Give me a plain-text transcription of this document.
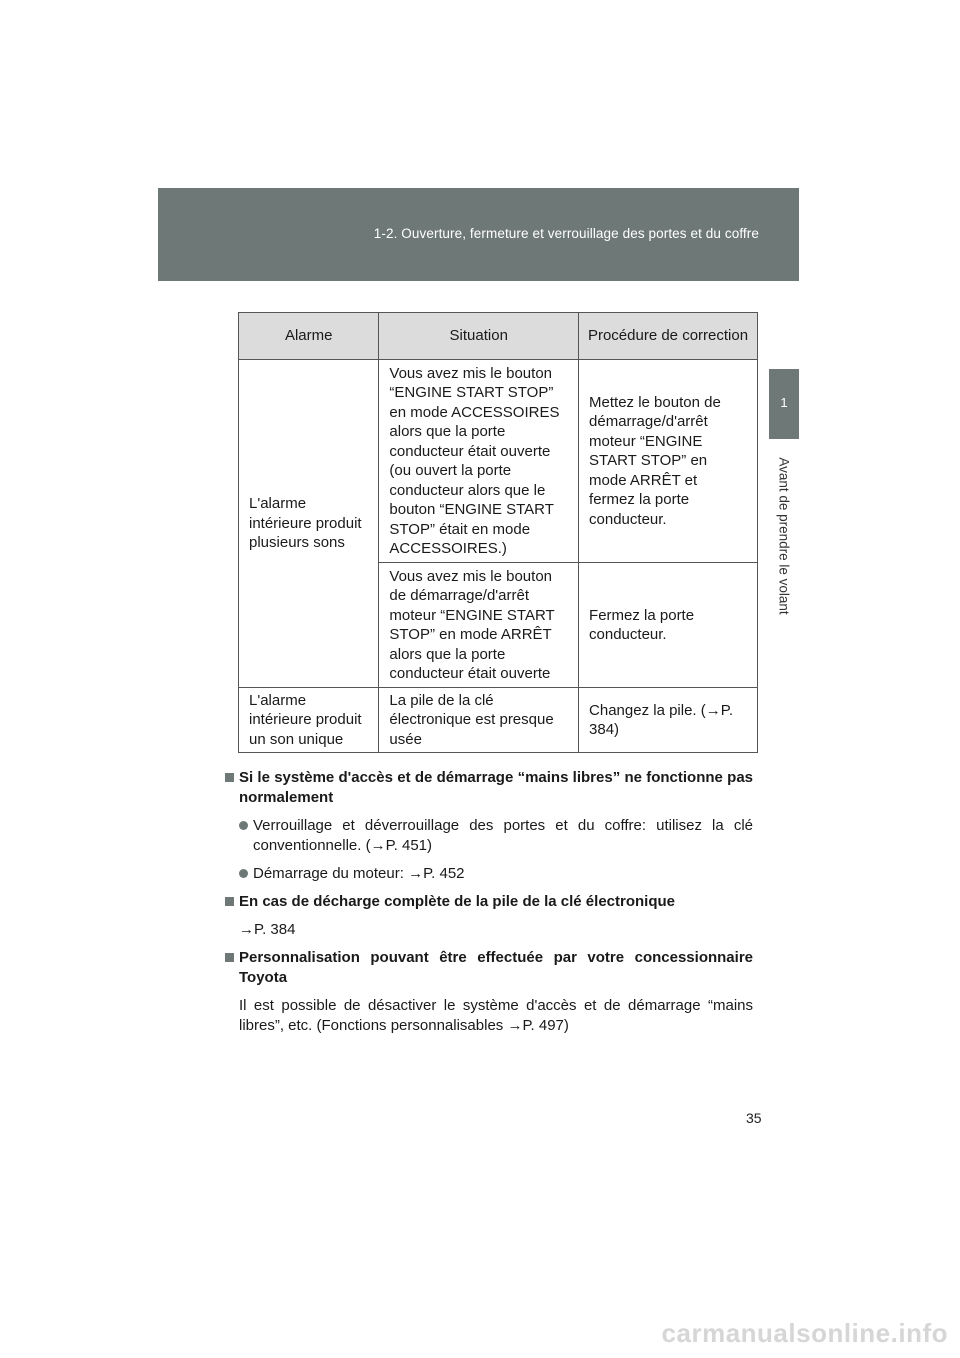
1-2. Ouverture, fermeture et verrouillage des portes et du coffre
1
Avant de prendre le volant
Alarme	Situation	Procédure de correction
L'alarme intérieure produit plusieurs sons	Vous avez mis le bouton “ENGINE START STOP” en mode ACCESSOIRES alors que la porte conducteur était ouverte (ou ouvert la porte conducteur alors que le bouton “ENGINE START STOP” était en mode ACCESSOIRES.)	Mettez le bouton de démarrage/d'arrêt moteur “ENGINE START STOP” en mode ARRÊT et fermez la porte conducteur.
	Vous avez mis le bouton de démarrage/d'arrêt moteur “ENGINE START STOP” en mode ARRÊT alors que la porte conducteur était ouverte	Fermez la porte conducteur.
L'alarme intérieure produit un son unique	La pile de la clé électronique est presque usée	Changez la pile. (→P. 384)
Si le système d'accès et de démarrage “mains libres” ne fonctionne pas normalement
Verrouillage et déverrouillage des portes et du coffre: utilisez la clé conventionnelle. (→P. 451)
Démarrage du moteur: →P. 452
En cas de décharge complète de la pile de la clé électronique
→P. 384
Personnalisation pouvant être effectuée par votre concessionnaire Toyota
Il est possible de désactiver le système d'accès et de démarrage “mains libres”, etc. (Fonctions personnalisables →P. 497)
35
carmanualsonline.info
